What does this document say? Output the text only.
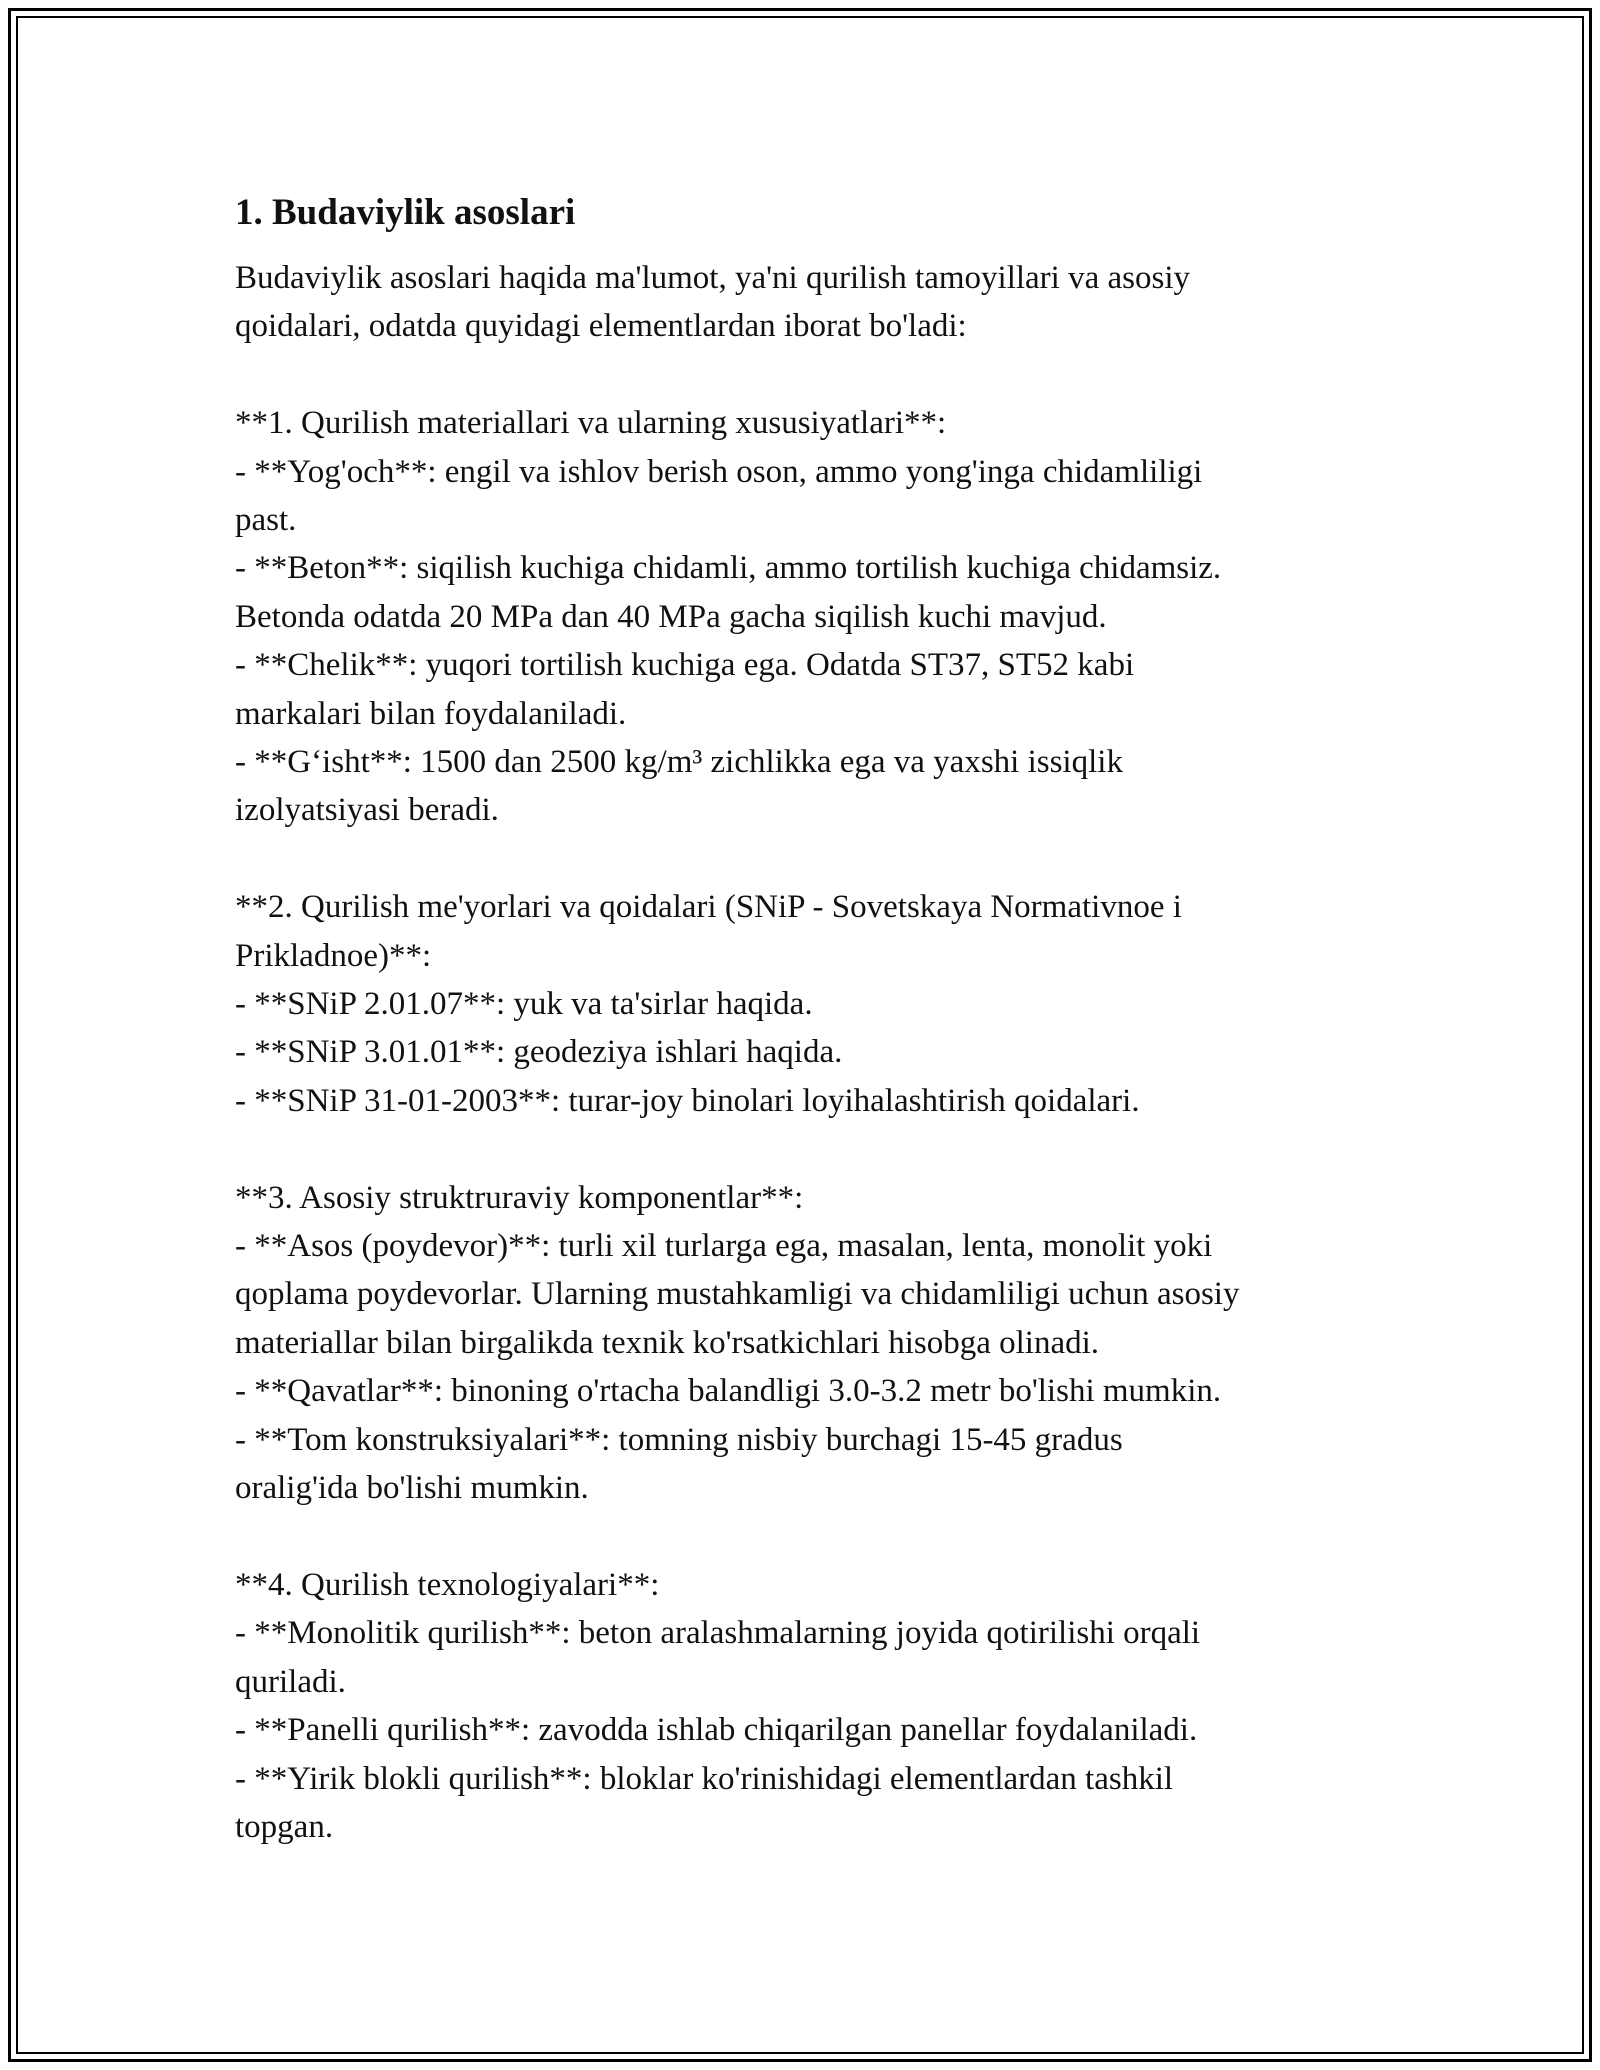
1. Budaviylik asoslari
Budaviylik asoslari haqida ma'lumot, ya'ni qurilish tamoyillari va asosiy
qoidalari, odatda quyidagi elementlardan iborat bo'ladi:
**1. Qurilish materiallari va ularning xususiyatlari**:
- **Yog'och**: engil va ishlov berish oson, ammo yong'inga chidamliligi
past.
- **Beton**: siqilish kuchiga chidamli, ammo tortilish kuchiga chidamsiz.
Betonda odatda 20 MPa dan 40 MPa gacha siqilish kuchi mavjud.
- **Chelik**: yuqori tortilish kuchiga ega. Odatda ST37, ST52 kabi
markalari bilan foydalaniladi.
- **G‘isht**: 1500 dan 2500 kg/m³ zichlikka ega va yaxshi issiqlik
izolyatsiyasi beradi.
**2. Qurilish me'yorlari va qoidalari (SNiP - Sovetskaya Normativnoe i
Prikladnoe)**:
- **SNiP 2.01.07**: yuk va ta'sirlar haqida.
- **SNiP 3.01.01**: geodeziya ishlari haqida.
- **SNiP 31-01-2003**: turar-joy binolari loyihalashtirish qoidalari.
**3. Asosiy struktruraviy komponentlar**:
- **Asos (poydevor)**: turli xil turlarga ega, masalan, lenta, monolit yoki
qoplama poydevorlar. Ularning mustahkamligi va chidamliligi uchun asosiy
materiallar bilan birgalikda texnik ko'rsatkichlari hisobga olinadi.
- **Qavatlar**: binoning o'rtacha balandligi 3.0-3.2 metr bo'lishi mumkin.
- **Tom konstruksiyalari**: tomning nisbiy burchagi 15-45 gradus
oralig'ida bo'lishi mumkin.
**4. Qurilish texnologiyalari**:
- **Monolitik qurilish**: beton aralashmalarning joyida qotirilishi orqali
quriladi.
- **Panelli qurilish**: zavodda ishlab chiqarilgan panellar foydalaniladi.
- **Yirik blokli qurilish**: bloklar ko'rinishidagi elementlardan tashkil
topgan.
